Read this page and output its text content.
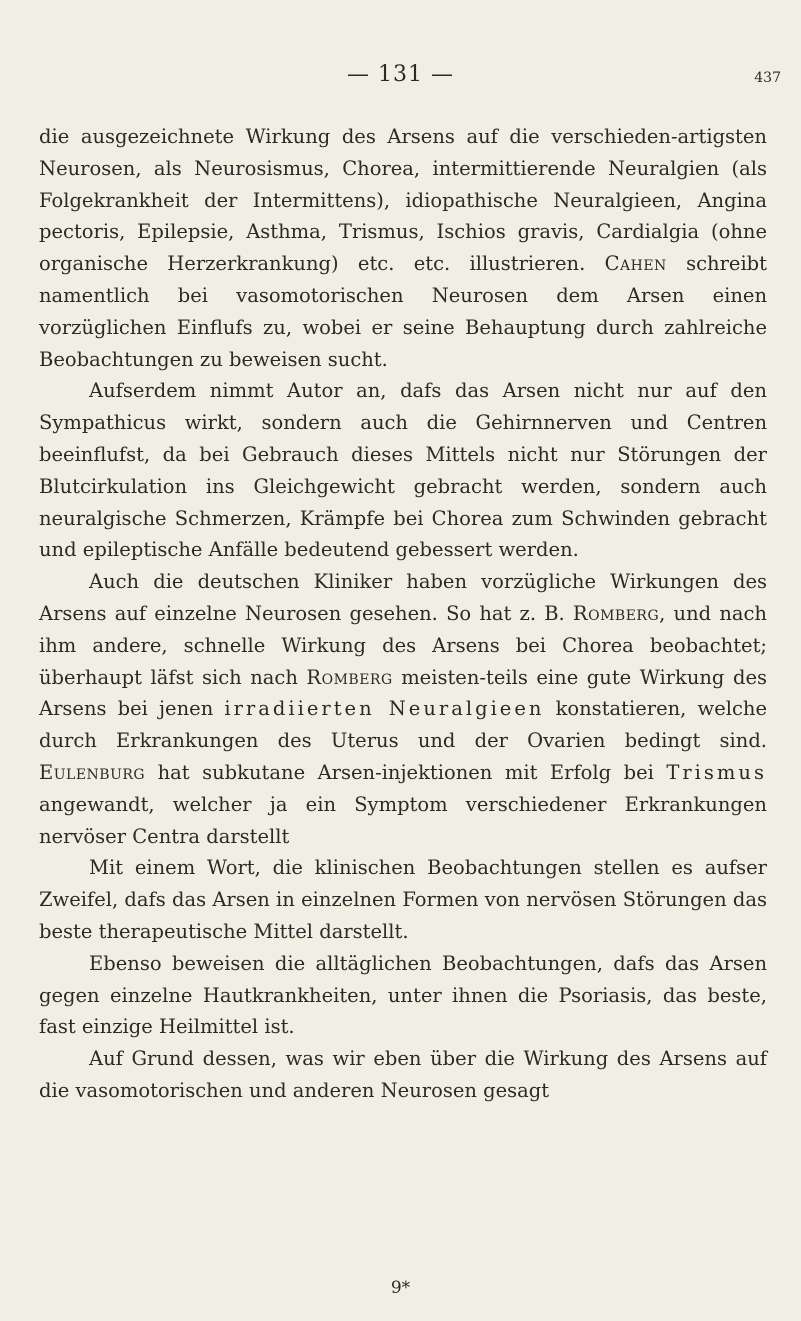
— 131 —	437

die ausgezeichnete Wirkung des Arsens auf die verschieden-artigsten Neurosen, als Neurosismus, Chorea, intermittierende Neuralgien (als Folgekrankheit der Intermittens), idiopathische Neuralgieen, Angina pectoris, Epilepsie, Asthma, Trismus, Ischios gravis, Cardialgia (ohne organische Herzerkrankung) etc. etc. illustrieren. Cahen schreibt namentlich bei vasomotorischen Neurosen dem Arsen einen vorzüglichen Einflufs zu, wobei er seine Behauptung durch zahlreiche Beobachtungen zu beweisen sucht.

Aufserdem nimmt Autor an, dafs das Arsen nicht nur auf den Sympathicus wirkt, sondern auch die Gehirnnerven und Centren beeinflufst, da bei Gebrauch dieses Mittels nicht nur Störungen der Blutcirkulation ins Gleichgewicht gebracht werden, sondern auch neuralgische Schmerzen, Krämpfe bei Chorea zum Schwinden gebracht und epileptische Anfälle bedeutend gebessert werden.

Auch die deutschen Kliniker haben vorzügliche Wirkungen des Arsens auf einzelne Neurosen gesehen. So hat z. B. Romberg, und nach ihm andere, schnelle Wirkung des Arsens bei Chorea beobachtet; überhaupt läfst sich nach Romberg meisten-teils eine gute Wirkung des Arsens bei jenen irradiierten Neuralgieen konstatieren, welche durch Erkrankungen des Uterus und der Ovarien bedingt sind. Eulenburg hat subkutane Arsen-injektionen mit Erfolg bei Trismus angewandt, welcher ja ein Symptom verschiedener Erkrankungen nervöser Centra darstellt

Mit einem Wort, die klinischen Beobachtungen stellen es aufser Zweifel, dafs das Arsen in einzelnen Formen von nervösen Störungen das beste therapeutische Mittel darstellt.

Ebenso beweisen die alltäglichen Beobachtungen, dafs das Arsen gegen einzelne Hautkrankheiten, unter ihnen die Psoriasis, das beste, fast einzige Heilmittel ist.

Auf Grund dessen, was wir eben über die Wirkung des Arsens auf die vasomotorischen und anderen Neurosen gesagt

9*
